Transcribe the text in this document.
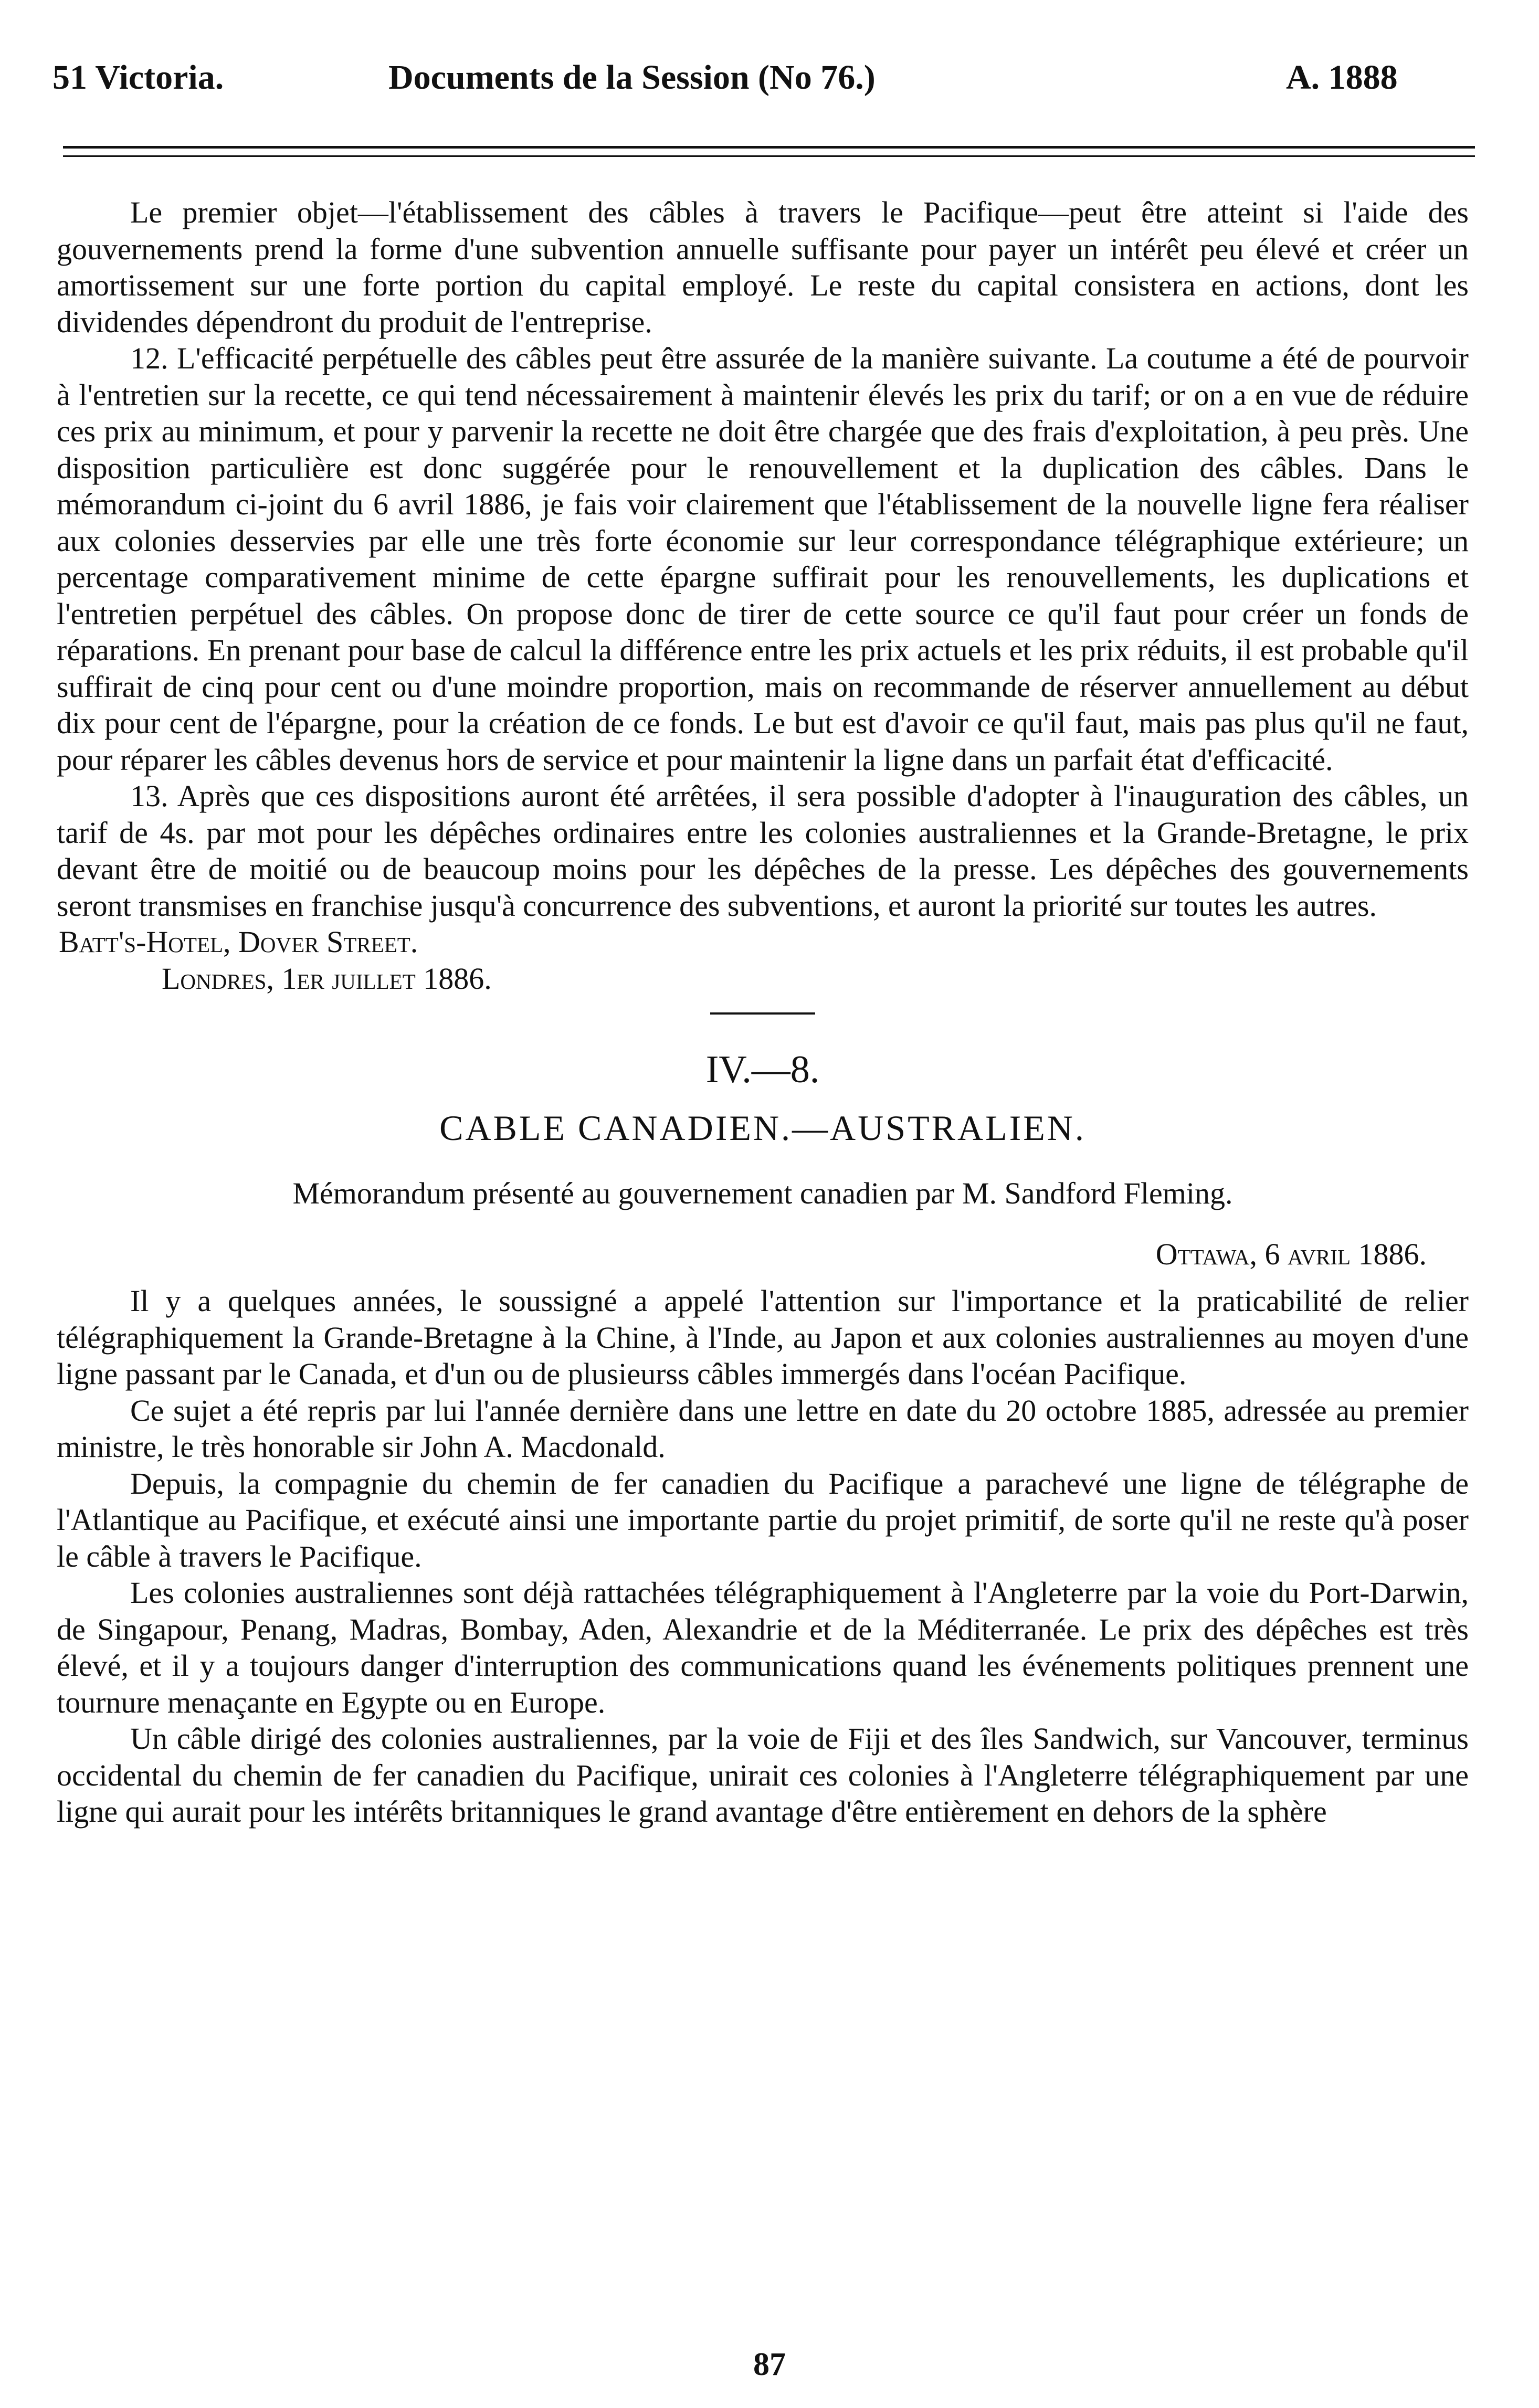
51 Victoria.	Documents de la Session (No 76.)	A. 1888

Le premier objet—l'établissement des câbles à travers le Pacifique—peut être atteint si l'aide des gouvernements prend la forme d'une subvention annuelle suffisante pour payer un intérêt peu élevé et créer un amortissement sur une forte portion du capital employé. Le reste du capital consistera en actions, dont les dividendes dépendront du produit de l'entreprise.

12. L'efficacité perpétuelle des câbles peut être assurée de la manière suivante. La coutume a été de pourvoir à l'entretien sur la recette, ce qui tend nécessairement à maintenir élevés les prix du tarif; or on a en vue de réduire ces prix au minimum, et pour y parvenir la recette ne doit être chargée que des frais d'exploitation, à peu près. Une disposition particulière est donc suggérée pour le renouvellement et la duplication des câbles. Dans le mémorandum ci-joint du 6 avril 1886, je fais voir clairement que l'établissement de la nouvelle ligne fera réaliser aux colonies desservies par elle une très forte économie sur leur correspondance télégraphique extérieure; un percentage comparativement minime de cette épargne suffirait pour les renouvellements, les duplications et l'entretien perpétuel des câbles. On propose donc de tirer de cette source ce qu'il faut pour créer un fonds de réparations. En prenant pour base de calcul la différence entre les prix actuels et les prix réduits, il est probable qu'il suffirait de cinq pour cent ou d'une moindre proportion, mais on recommande de réserver annuellement au début dix pour cent de l'épargne, pour la création de ce fonds. Le but est d'avoir ce qu'il faut, mais pas plus qu'il ne faut, pour réparer les câbles devenus hors de service et pour maintenir la ligne dans un parfait état d'efficacité.

13. Après que ces dispositions auront été arrêtées, il sera possible d'adopter à l'inauguration des câbles, un tarif de 4s. par mot pour les dépêches ordinaires entre les colonies australiennes et la Grande-Bretagne, le prix devant être de moitié ou de beaucoup moins pour les dépêches de la presse. Les dépêches des gouvernements seront transmises en franchise jusqu'à concurrence des subventions, et auront la priorité sur toutes les autres.

Batt's-Hotel, Dover Street.

Londres, 1er juillet 1886.

IV.—8.
CABLE CANADIEN.—AUSTRALIEN.

Mémorandum présenté au gouvernement canadien par M. Sandford Fleming.

Ottawa, 6 avril 1886.

Il y a quelques années, le soussigné a appelé l'attention sur l'importance et la praticabilité de relier télégraphiquement la Grande-Bretagne à la Chine, à l'Inde, au Japon et aux colonies australiennes au moyen d'une ligne passant par le Canada, et d'un ou de plusieurss câbles immergés dans l'océan Pacifique.

Ce sujet a été repris par lui l'année dernière dans une lettre en date du 20 octobre 1885, adressée au premier ministre, le très honorable sir John A. Macdonald.

Depuis, la compagnie du chemin de fer canadien du Pacifique a parachevé une ligne de télégraphe de l'Atlantique au Pacifique, et exécuté ainsi une importante partie du projet primitif, de sorte qu'il ne reste qu'à poser le câble à travers le Pacifique.

Les colonies australiennes sont déjà rattachées télégraphiquement à l'Angleterre par la voie du Port-Darwin, de Singapour, Penang, Madras, Bombay, Aden, Alexandrie et de la Méditerranée. Le prix des dépêches est très élevé, et il y a toujours danger d'interruption des communications quand les événements politiques prennent une tournure menaçante en Egypte ou en Europe.

Un câble dirigé des colonies australiennes, par la voie de Fiji et des îles Sandwich, sur Vancouver, terminus occidental du chemin de fer canadien du Pacifique, unirait ces colonies à l'Angleterre télégraphiquement par une ligne qui aurait pour les intérêts britanniques le grand avantage d'être entièrement en dehors de la sphère

87
